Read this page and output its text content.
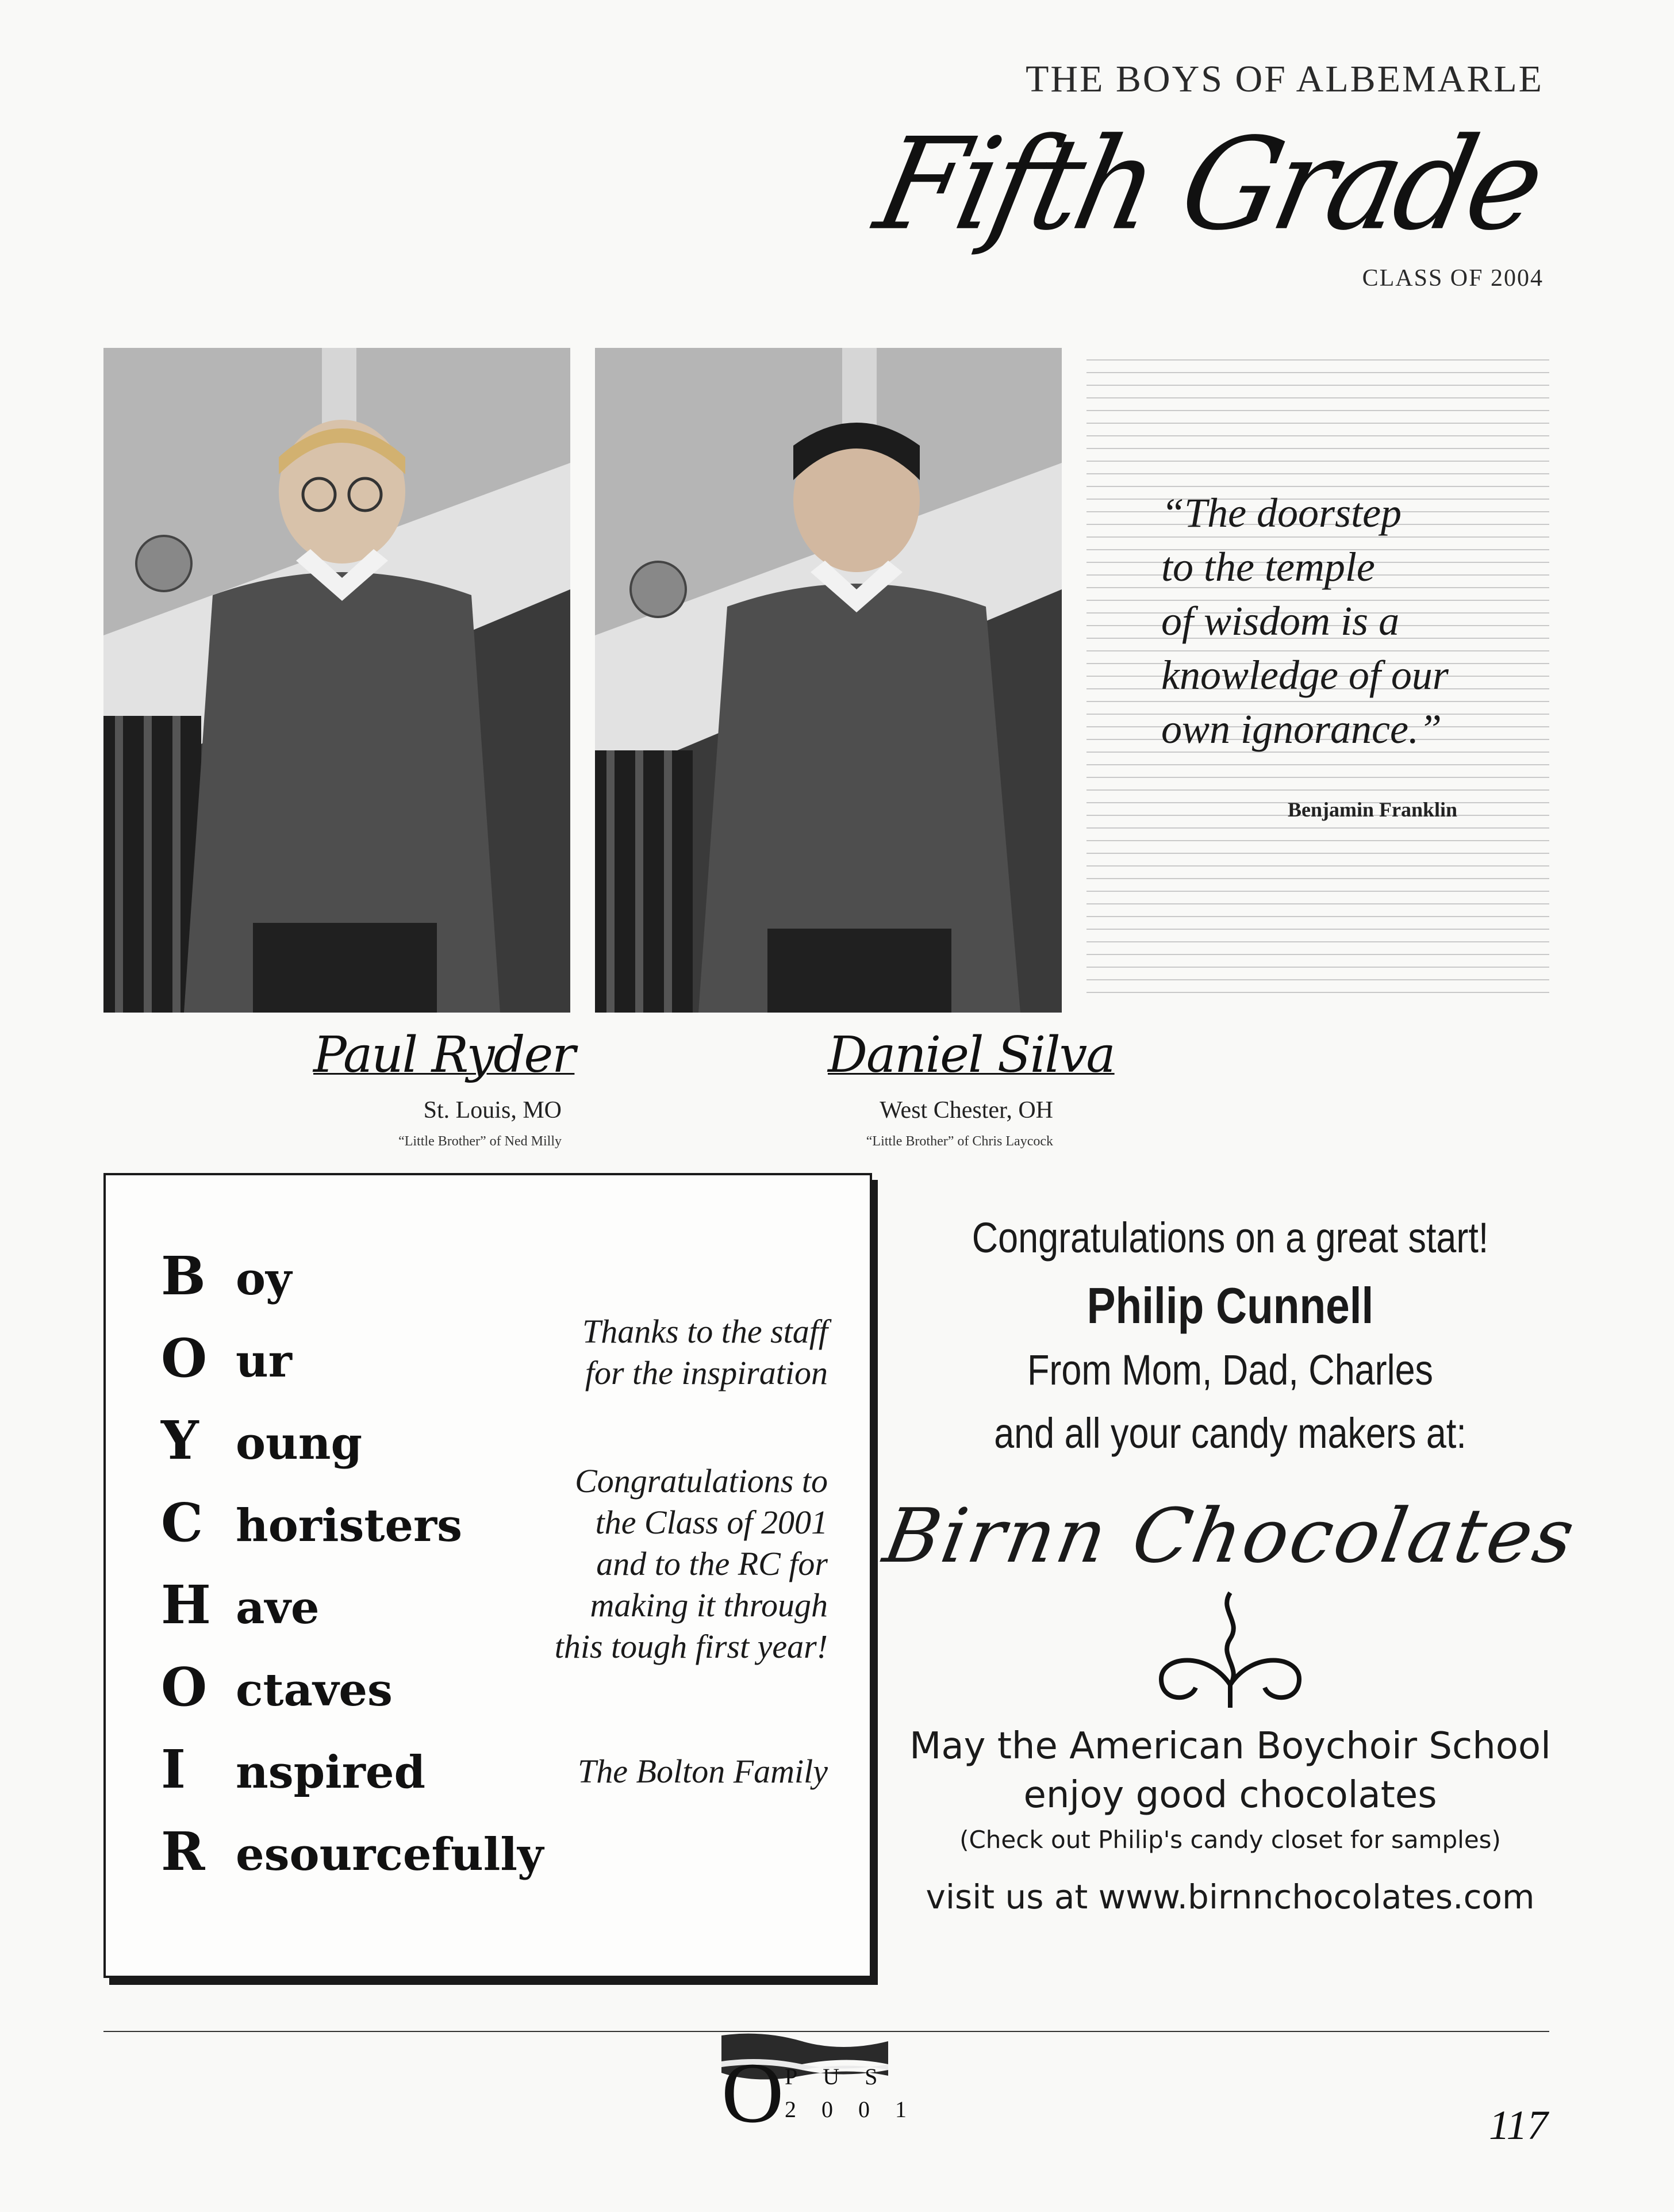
THE BOYS OF ALBEMARLE
Fifth Grade
CLASS OF 2004
Paul Ryder
St. Louis, MO
“Little Brother” of Ned Milly
Daniel Silva
West Chester, OH
“Little Brother” of Chris Laycock
“The doorstep
to the temple
of wisdom is a
knowledge of our
own ignorance.”
Benjamin Franklin
B oy
O ur
Y oung
C horisters
H ave
O ctaves
I nspired
R esourcefully
Thanks to the staff
for the inspiration
Congratulations to
the Class of 2001
and to the RC for
making it through
this tough first year!
The Bolton Family
Congratulations on a great start!
Philip Cunnell
From Mom, Dad, Charles
and all your candy makers at:
Birnn Chocolates
May the American Boychoir School
enjoy good chocolates
(Check out Philip's candy closet for samples)
visit us at www.birnnchocolates.com
O PUS
2001	117
